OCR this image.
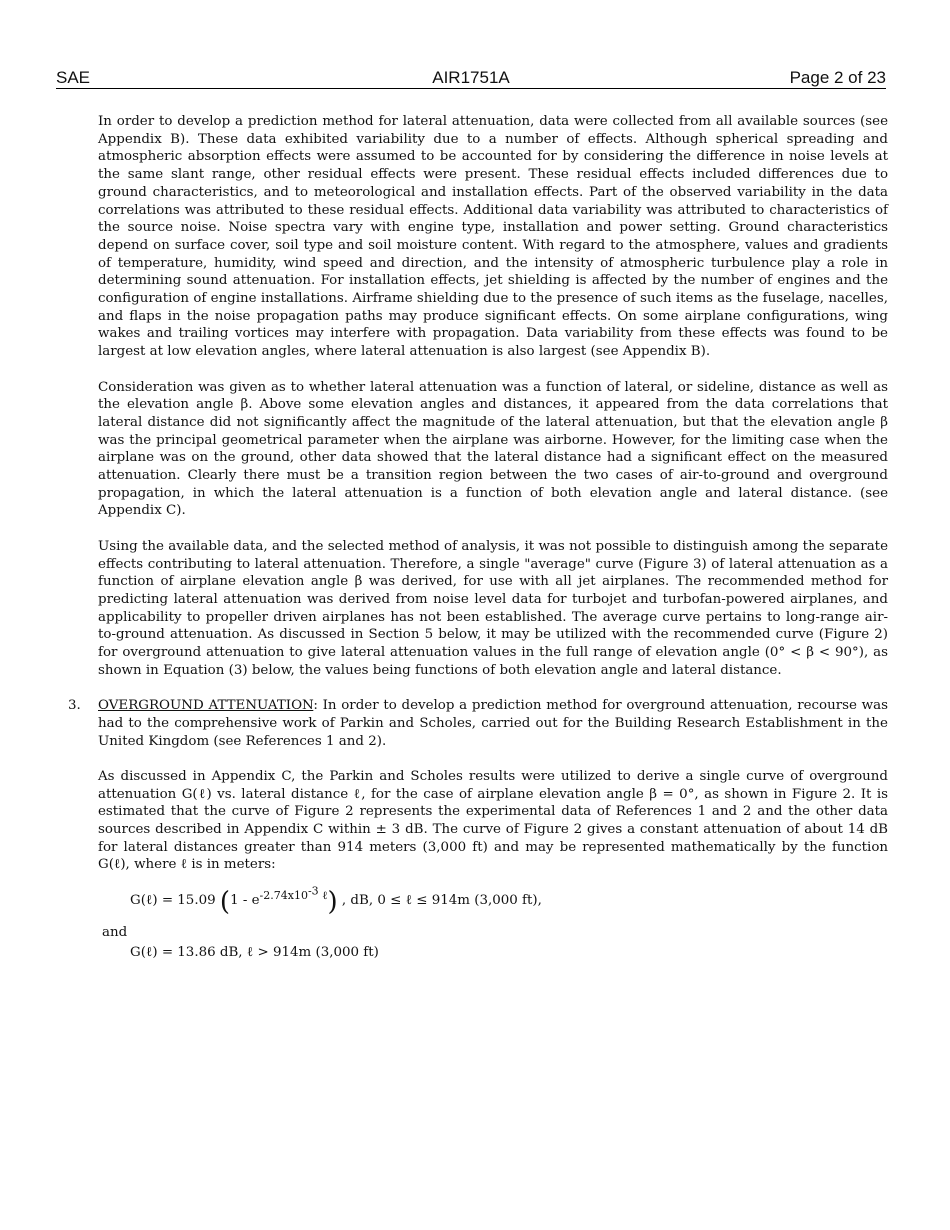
SAE	AIR1751A	Page 2 of 23

In order to develop a prediction method for lateral attenuation, data were collected from all available sources (see Appendix B). These data exhibited variability due to a number of effects. Although spherical spreading and atmospheric absorption effects were assumed to be accounted for by considering the difference in noise levels at the same slant range, other residual effects were present. These residual effects included differences due to ground characteristics, and to meteorological and installation effects. Part of the observed variability in the data correlations was attributed to these residual effects. Additional data variability was attributed to characteristics of the source noise. Noise spectra vary with engine type, installation and power setting. Ground characteristics depend on surface cover, soil type and soil moisture content. With regard to the atmosphere, values and gradients of temperature, humidity, wind speed and direction, and the intensity of atmospheric turbulence play a role in determining sound attenuation. For installation effects, jet shielding is affected by the number of engines and the configuration of engine installations. Airframe shielding due to the presence of such items as the fuselage, nacelles, and flaps in the noise propagation paths may produce significant effects. On some airplane configurations, wing wakes and trailing vortices may interfere with propagation. Data variability from these effects was found to be largest at low elevation angles, where lateral attenuation is also largest (see Appendix B).

Consideration was given as to whether lateral attenuation was a function of lateral, or sideline, distance as well as the elevation angle β. Above some elevation angles and distances, it appeared from the data correlations that lateral distance did not significantly affect the magnitude of the lateral attenuation, but that the elevation angle β was the principal geometrical parameter when the airplane was airborne. However, for the limiting case when the airplane was on the ground, other data showed that the lateral distance had a significant effect on the measured attenuation. Clearly there must be a transition region between the two cases of air-to-ground and overground propagation, in which the lateral attenuation is a function of both elevation angle and lateral distance. (see Appendix C).

Using the available data, and the selected method of analysis, it was not possible to distinguish among the separate effects contributing to lateral attenuation. Therefore, a single "average" curve (Figure 3) of lateral attenuation as a function of airplane elevation angle β was derived, for use with all jet airplanes. The recommended method for predicting lateral attenuation was derived from noise level data for turbojet and turbofan-powered airplanes, and applicability to propeller driven airplanes has not been established. The average curve pertains to long-range air-to-ground attenuation. As discussed in Section 5 below, it may be utilized with the recommended curve (Figure 2) for overground attenuation to give lateral attenuation values in the full range of elevation angle (0° < β < 90°), as shown in Equation (3) below, the values being functions of both elevation angle and lateral distance.

3. OVERGROUND ATTENUATION: In order to develop a prediction method for overground attenuation, recourse was had to the comprehensive work of Parkin and Scholes, carried out for the Building Research Establishment in the United Kingdom (see References 1 and 2).

As discussed in Appendix C, the Parkin and Scholes results were utilized to derive a single curve of overground attenuation G(ℓ) vs. lateral distance ℓ, for the case of airplane elevation angle β = 0°, as shown in Figure 2. It is estimated that the curve of Figure 2 represents the experimental data of References 1 and 2 and the other data sources described in Appendix C within ± 3 dB. The curve of Figure 2 gives a constant attenuation of about 14 dB for lateral distances greater than 914 meters (3,000 ft) and may be represented mathematically by the function G(ℓ), where ℓ is in meters:

G(ℓ) = 15.09 $(1 - e^{-2.74x10^{-3} \ell})$ , dB, 0 ≤ ℓ ≤ 914m (3,000 ft),
and
G(ℓ) = 13.86 dB, ℓ > 914m (3,000 ft)
